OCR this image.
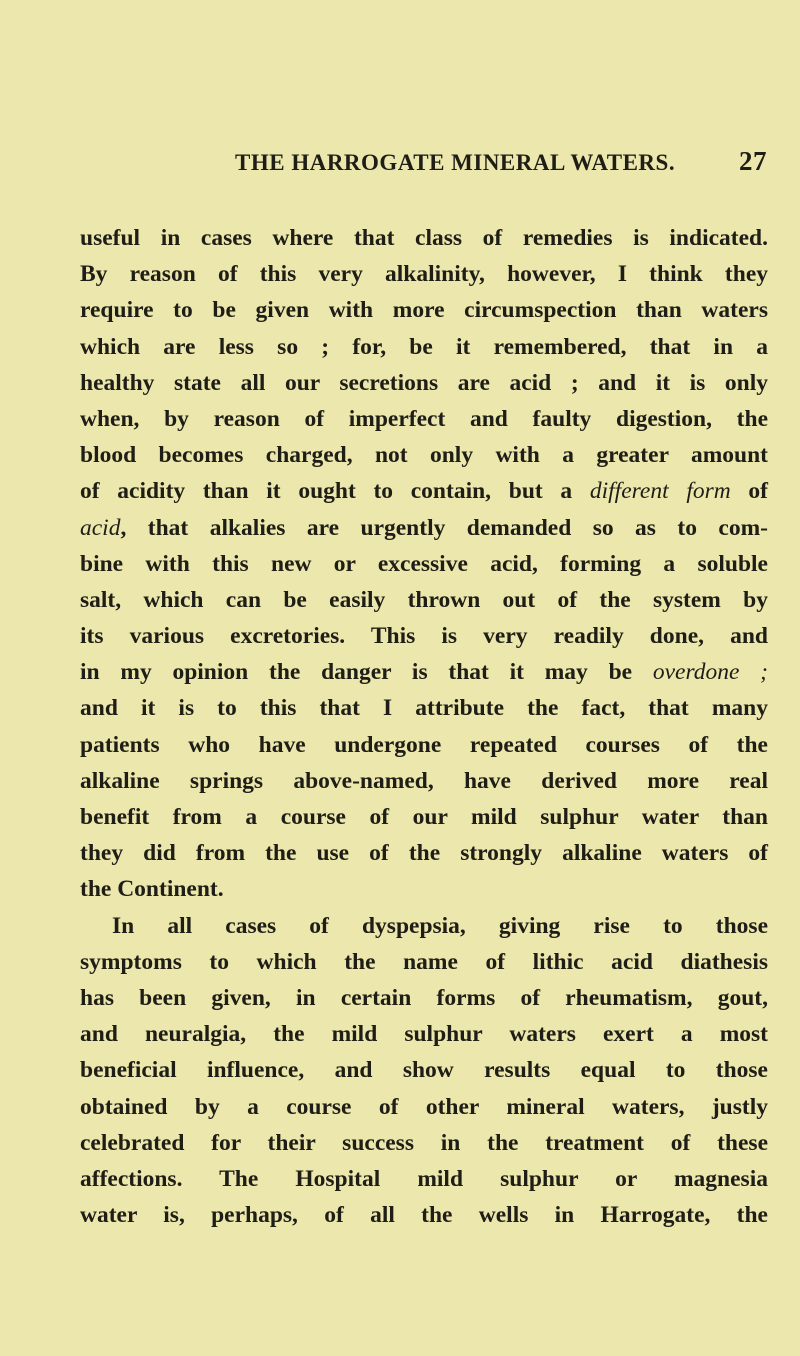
THE HARROGATE MINERAL WATERS. 27
useful in cases where that class of remedies is indicated.
By reason of this very alkalinity, however, I think they
require to be given with more circumspection than waters
which are less so ; for, be it remembered, that in a
healthy state all our secretions are acid ; and it is only
when, by reason of imperfect and faulty digestion, the
blood becomes charged, not only with a greater amount
of acidity than it ought to contain, but a different form of
acid, that alkalies are urgently demanded so as to com-
bine with this new or excessive acid, forming a soluble
salt, which can be easily thrown out of the system by
its various excretories. This is very readily done, and
in my opinion the danger is that it may be overdone ;
and it is to this that I attribute the fact, that many
patients who have undergone repeated courses of the
alkaline springs above-named, have derived more real
benefit from a course of our mild sulphur water than
they did from the use of the strongly alkaline waters of
the Continent.
In all cases of dyspepsia, giving rise to those
symptoms to which the name of lithic acid diathesis
has been given, in certain forms of rheumatism, gout,
and neuralgia, the mild sulphur waters exert a most
beneficial influence, and show results equal to those
obtained by a course of other mineral waters, justly
celebrated for their success in the treatment of these
affections. The Hospital mild sulphur or magnesia
water is, perhaps, of all the wells in Harrogate, the
